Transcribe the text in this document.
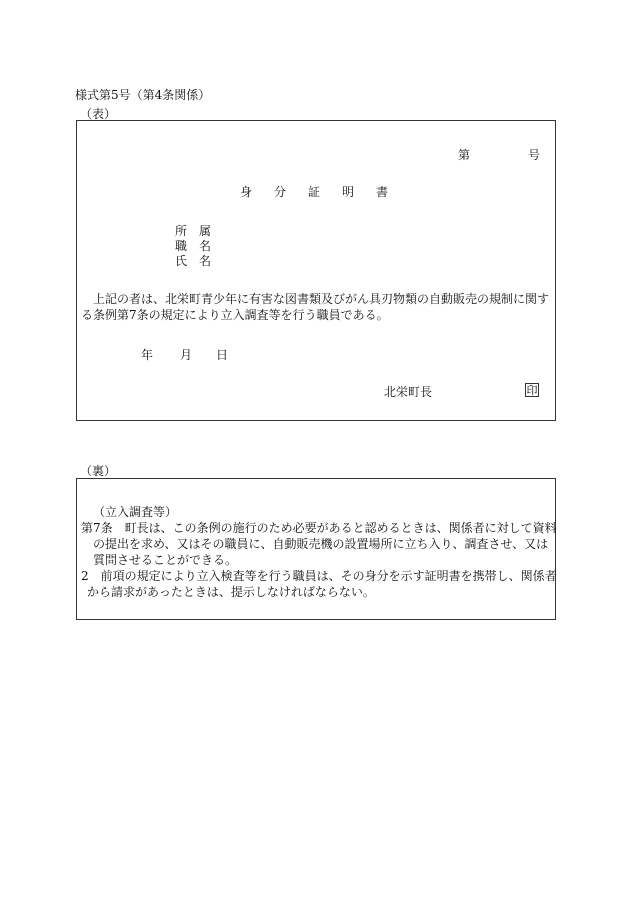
様式第5号（第4条関係）
（表）
第	号
身分証明書
所　属
職　名
氏　名
上記の者は、北栄町青少年に有害な図書類及びがん具刃物類の自動販売の規制に関する条例第7条の規定により立入調査等を行う職員である。
年 月 日
北栄町長	印
（裏）
（立入調査等）
第7条　町長は、この条例の施行のため必要があると認めるときは、関係者に対して資料
の提出を求め、又はその職員に、自動販売機の設置場所に立ち入り、調査させ、又は
質問させることができる。
2　前項の規定により立入検査等を行う職員は、その身分を示す証明書を携帯し、関係者
から請求があったときは、提示しなければならない。
